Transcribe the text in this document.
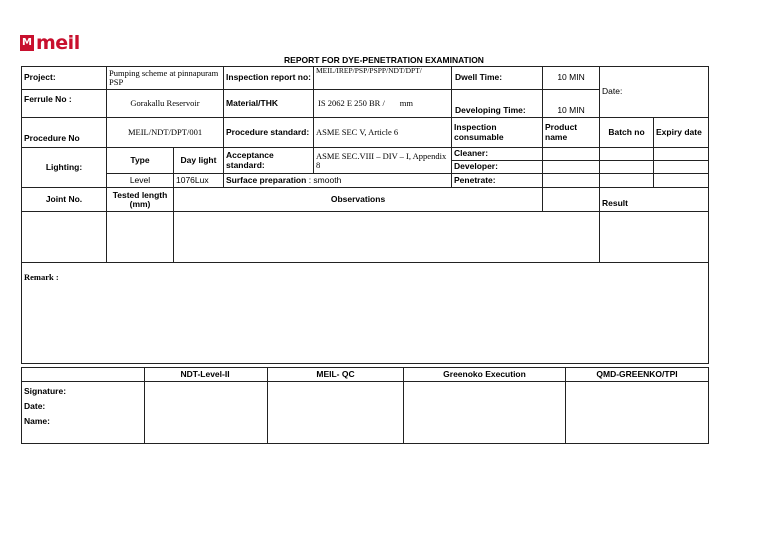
M meil
REPORT FOR DYE-PENETRATION EXAMINATION
Project:	Pumping scheme at pinnapuram PSP		Inspection report no:	MEIL/IREP/PSP/PSPP/NDT/DPT/	Dwell Time:	10 MIN	Date:	
Ferrule No :	Gorakallu Reservoir		Material/THK	IS 2062 E 250 BR / mm	Developing Time:	10 MIN		
Procedure No	MEIL/NDT/DPT/001		Procedure standard:	ASME SEC V, Article 6	Inspection consumable	Product name	Batch no	Expiry date
Lighting:	Type	Day light	Acceptance standard:	ASME SEC.VIII – DIV – I, Appendix 8	Cleaner:			
					Developer:			
	Level	1076Lux	Surface preparation : smooth		Penetrate:			
Joint No.	Tested length (mm)	Observations					Result	

Remark :								
	NDT-Level-II	MEIL- QC	Greenoko Execution	QMD-GREENKO/TPI

Signature:
Date:
Name:				
